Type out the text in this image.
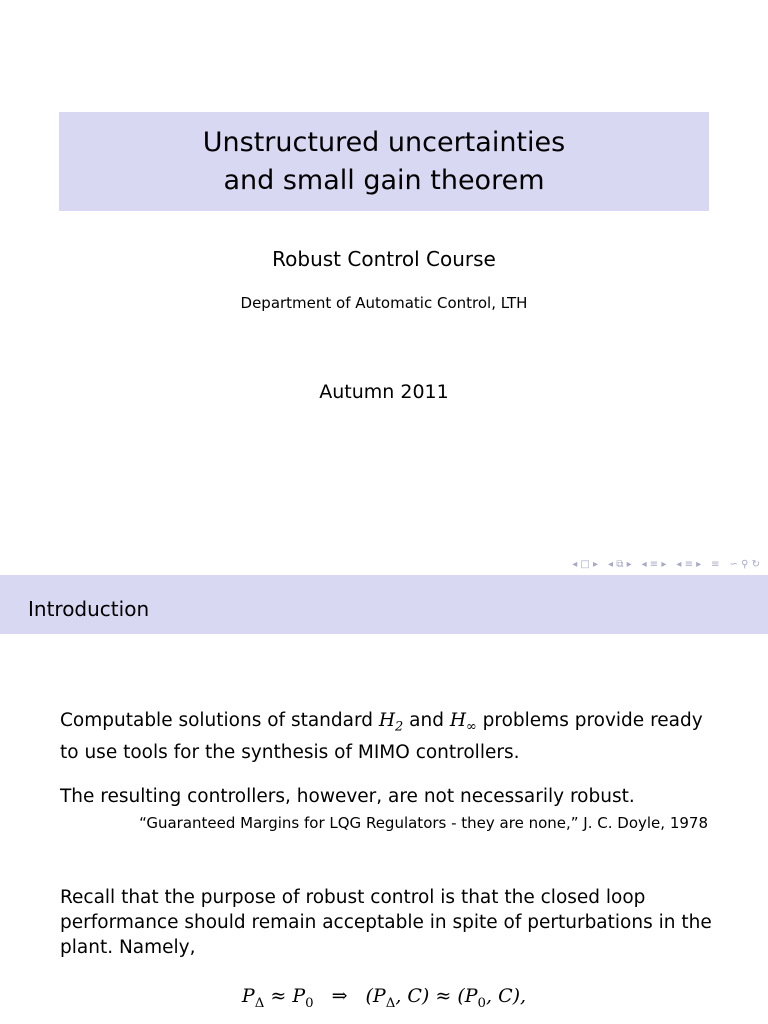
Unstructured uncertainties
and small gain theorem
Robust Control Course
Department of Automatic Control, LTH
Autumn 2011
◂ □ ▸ ◂ ⧉ ▸ ◂ ≡ ▸ ◂ ≡ ▸ ≡ ∽ ⚲ ↻
Introduction
Computable solutions of standard $H_2$ and $H_\infty$ problems provide ready to use tools for the synthesis of MIMO controllers.
The resulting controllers, however, are not necessarily robust.
“Guaranteed Margins for LQG Regulators - they are none,” J. C. Doyle, 1978
Recall that the purpose of robust control is that the closed loop performance should remain acceptable in spite of perturbations in the plant. Namely,
$P_\Delta \approx P_0$ ⇒ ($P_\Delta$, $C) \approx (P_0$, C),
